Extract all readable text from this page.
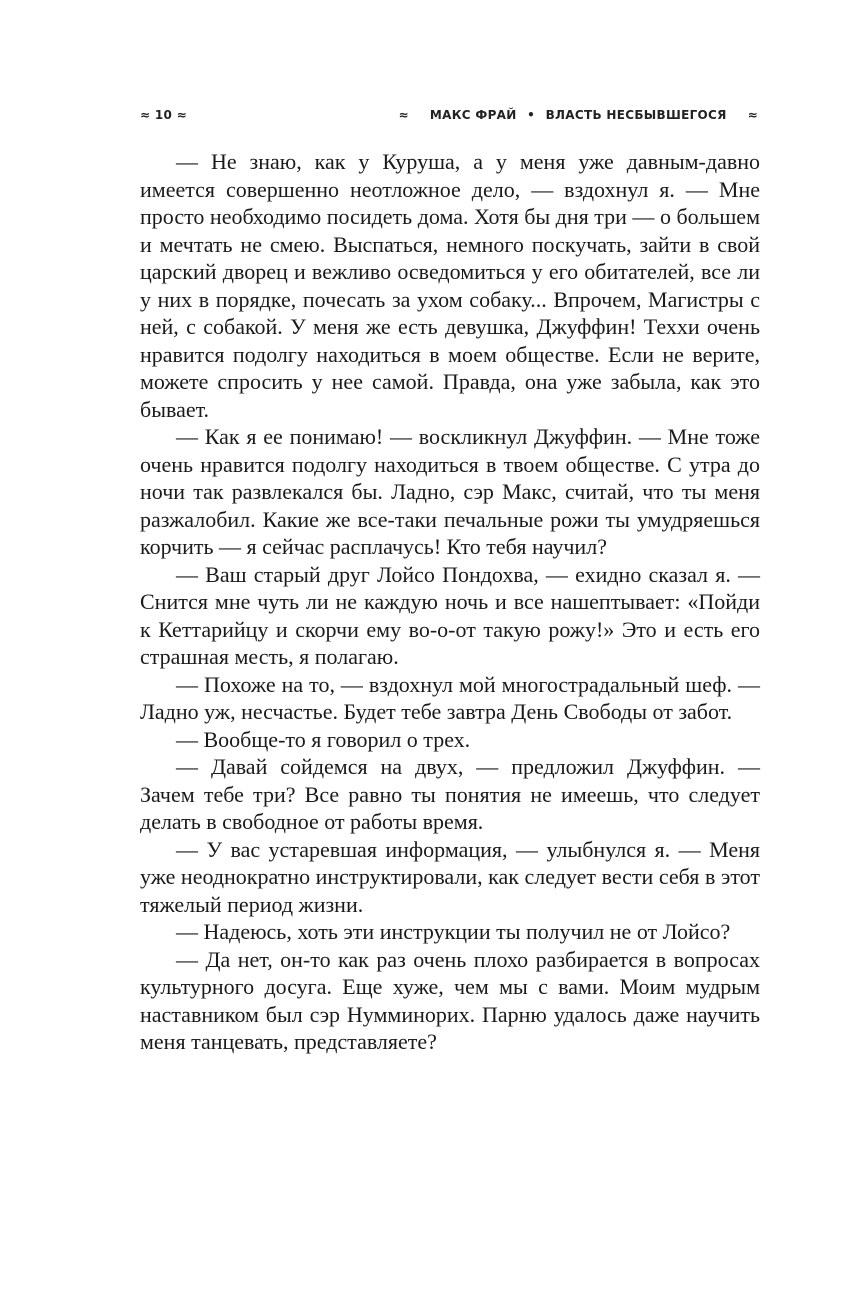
≈ 10 ≈	≈ МАКС ФРАЙ • ВЛАСТЬ НЕСБЫВШЕГОСЯ ≈

— Не знаю, как у Куруша, а у меня уже давным-давно имеется совершенно неотложное дело, — вздохнул я. — Мне просто необходимо посидеть дома. Хотя бы дня три — о большем и мечтать не смею. Выспаться, немного поскучать, зайти в свой царский дворец и вежливо осведомиться у его обитателей, все ли у них в порядке, почесать за ухом собаку... Впрочем, Магистры с ней, с собакой. У меня же есть девушка, Джуффин! Теххи очень нравится подолгу находиться в моем обществе. Если не верите, можете спросить у нее самой. Правда, она уже забыла, как это бывает.

— Как я ее понимаю! — воскликнул Джуффин. — Мне тоже очень нравится подолгу находиться в твоем обществе. С утра до ночи так развлекался бы. Ладно, сэр Макс, считай, что ты меня разжалобил. Какие же все-таки печальные рожи ты умудряешься корчить — я сейчас расплачусь! Кто тебя научил?

— Ваш старый друг Лойсо Пондохва, — ехидно сказал я. — Снится мне чуть ли не каждую ночь и все нашептывает: «Пойди к Кеттарийцу и скорчи ему во-о-от такую рожу!» Это и есть его страшная месть, я полагаю.

— Похоже на то, — вздохнул мой многострадальный шеф. — Ладно уж, несчастье. Будет тебе завтра День Свободы от забот.

— Вообще-то я говорил о трех.

— Давай сойдемся на двух, — предложил Джуффин. — Зачем тебе три? Все равно ты понятия не имеешь, что следует делать в свободное от работы время.

— У вас устаревшая информация, — улыбнулся я. — Меня уже неоднократно инструктировали, как следует вести себя в этот тяжелый период жизни.

— Надеюсь, хоть эти инструкции ты получил не от Лойсо?

— Да нет, он-то как раз очень плохо разбирается в вопросах культурного досуга. Еще хуже, чем мы с вами. Моим мудрым наставником был сэр Нумминорих. Парню удалось даже научить меня танцевать, представляете?
